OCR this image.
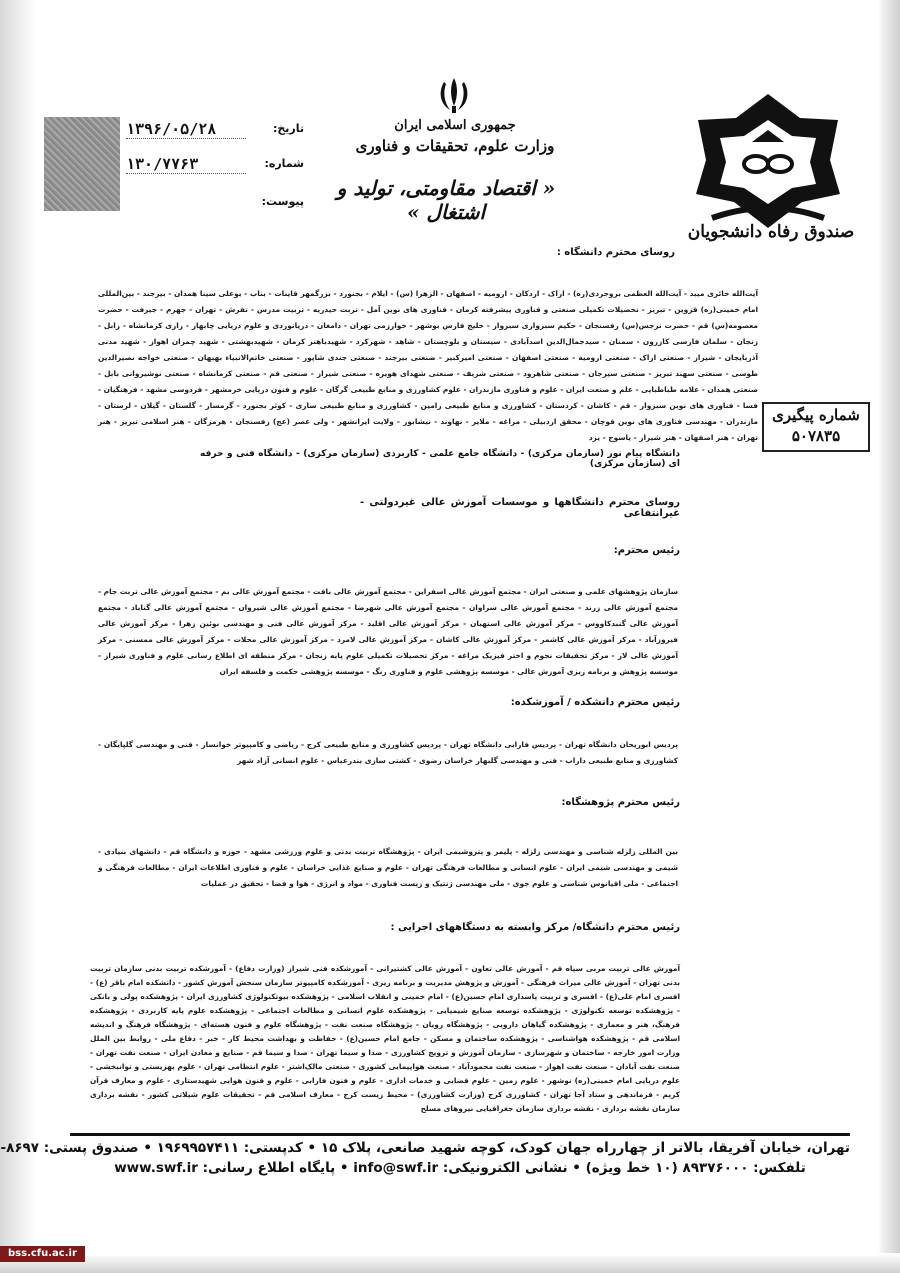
صندوق رفاه دانشجویان
جمهوری اسلامی ایران
وزارت علوم، تحقیقات و فناوری
« اقتصاد مقاومتی، تولید و اشتغال »
تاریخ:
۱۳۹۶/۰۵/۲۸
شماره:
۱۳۰/۷۷۶۳
پیوست:
شماره پیگیری
۵۰۷۸۳۵
روسای محترم دانشگاه :
آیت‌الله حائری میبد - آیت‌الله العظمی بروجردی(ره) - اراک - اردکان - ارومیه - اصفهان - الزهرا (س) - ایلام - بجنورد - بزرگمهر قاینات - بناب - بوعلی سینا همدان - بیرجند - بین‌المللی امام خمینی(ره) قزوین - تبریز - تحصیلات تکمیلی صنعتی و فناوری پیشرفته کرمان - فناوری های نوین آمل - تربت حیدریه - تربیت مدرس - تفرش - تهران - جهرم - جیرفت - حضرت معصومه(س) قم - حضرت نرجس(س) رفسنجان - حکیم سبزواری سبزوار - خلیج فارس بوشهر - خوارزمی تهران - دامغان - دریانوردی و علوم دریایی چابهار - رازی کرمانشاه - زابل - زنجان - سلمان فارسی کازرون - سمنان - سیدجمال‌الدین اسدآبادی - سیستان و بلوچستان - شاهد - شهرکرد - شهیدباهنر کرمان - شهیدبهشتی - شهید چمران اهواز - شهید مدنی آذربایجان - شیراز - صنعتی اراک - صنعتی ارومیه - صنعتی اصفهان - صنعتی امیرکبیر - صنعتی بیرجند - صنعتی جندی شاپور - صنعتی خاتم‌الانبیاء بهبهان - صنعتی خواجه نصیرالدین طوسی - صنعتی سهند تبریز - صنعتی سیرجان - صنعتی شاهرود - صنعتی شریف - صنعتی شهدای هویزه - صنعتی شیراز - صنعتی قم - صنعتی کرمانشاه - صنعتی نوشیروانی بابل - صنعتی همدان - علامه طباطبایی - علم و صنعت ایران - علوم و فناوری مازندران - علوم کشاورزی و منابع طبیعی گرگان - علوم و فنون دریایی خرمشهر - فردوسی مشهد - فرهنگیان - فسا - فناوری های نوین سبزوار - قم - کاشان - کردستان - کشاورزی و منابع طبیعی رامین - کشاورزی و منابع طبیعی ساری - کوثر بجنورد - گرمسار - گلستان - گیلان - لرستان - مازندران - مهندسی فناوری های نوین قوچان - محقق اردبیلی - مراغه - ملایر - نهاوند - نیشابور - ولایت ایرانشهر - ولی عصر (عج) رفسنجان - هرمزگان - هنر اسلامی تبریز - هنر تهران - هنر اصفهان - هنر شیراز - یاسوج - یزد
دانشگاه پیام نور (سازمان مرکزی) - دانشگاه جامع علمی - کاربردی (سازمان مرکزی) - دانشگاه فنی و حرفه ای (سازمان مرکزی)
روسای محترم دانشگاهها و موسسات آموزش عالی غیردولتی - غیرانتفاعی
رئیس محترم:
سازمان پژوهشهای علمی و صنعتی ایران - مجتمع آموزش عالی اسفراین - مجتمع آموزش عالی بافت - مجتمع آموزش عالی بم - مجتمع آموزش عالی تربت جام - مجتمع آموزش عالی زرند - مجتمع آموزش عالی سراوان - مجتمع آموزش عالی شهرضا - مجتمع آموزش عالی شیروان - مجتمع آموزش عالی گناباد - مجتمع آموزش عالی گنبدکاووس - مرکز آموزش عالی استهبان - مرکز آموزش عالی اقلید - مرکز آموزش عالی فنی و مهندسی بوئین زهرا - مرکز آموزش عالی فیروزآباد - مرکز آموزش عالی کاشمر - مرکز آموزش عالی کاشان - مرکز آموزش عالی لامرد - مرکز آموزش عالی محلات - مرکز آموزش عالی ممسنی - مرکز آموزش عالی لار - مرکز تحقیقات نجوم و اختر فیزیک مراغه - مرکز تحصیلات تکمیلی علوم پایه زنجان - مرکز منطقه ای اطلاع رسانی علوم و فناوری شیراز - موسسه پژوهش و برنامه ریزی آموزش عالی - موسسه پژوهشی علوم و فناوری رنگ - موسسه پژوهشی حکمت و فلسفه ایران
رئیس محترم دانشکده / آموزشکده:
پردیس ابوریحان دانشگاه تهران - پردیس فارابی دانشگاه تهران - پردیس کشاورزی و منابع طبیعی کرج - ریاضی و کامپیوتر خوانسار - فنی و مهندسی گلپایگان - کشاورزی و منابع طبیعی داراب - فنی و مهندسی گلبهار خراسان رضوی - کشتی سازی بندرعباس - علوم انسانی آزاد شهر
رئیس محترم پژوهشگاه:
بین المللی زلزله شناسی و مهندسی زلزله - پلیمر و پتروشیمی ایران - پژوهشگاه تربیت بدنی و علوم ورزشی مشهد - حوزه و دانشگاه قم - دانشهای بنیادی - شیمی و مهندسی شیمی ایران - علوم انسانی و مطالعات فرهنگی تهران - علوم و صنایع غذایی خراسان - علوم و فناوری اطلاعات ایران - مطالعات فرهنگی و اجتماعی - ملی اقیانوس شناسی و علوم جوی - ملی مهندسی ژنتیک و زیست فناوری - مواد و انرژی - هوا و فضا - تحقیق در عملیات
رئیس محترم دانشگاه/ مرکز وابسته به دستگاههای اجرایی :
آموزش عالی تربیت مربی سپاه قم - آموزش عالی تعاون - آموزش عالی کشتیرانی - آموزشکده فنی شیراز (وزارت دفاع) - آموزشکده تربیت بدنی سازمان تربیت بدنی تهران - آموزش عالی میراث فرهنگی - آموزش و پژوهش مدیریت و برنامه ریزی - آموزشکده کامپیوتر سازمان سنجش آموزش کشور - دانشکده امام باقر (ع) - افسری امام علی(ع) - افسری و تربیت پاسداری امام حسین(ع) - امام خمینی و انقلاب اسلامی - پژوهشکده بیوتکنولوژی کشاورزی ایران - پژوهشکده پولی و بانکی - پژوهشکده توسعه تکنولوژی - پژوهشکده توسعه صنایع شیمیایی - پژوهشکده علوم انسانی و مطالعات اجتماعی - پژوهشکده علوم پایه کاربردی - پژوهشکده فرهنگ، هنر و معماری - پژوهشکده گیاهان دارویی - پژوهشگاه رویان - پژوهشگاه صنعت نفت - پژوهشگاه علوم و فنون هسته‌ای - پژوهشگاه فرهنگ و اندیشه اسلامی قم - پژوهشکده هواشناسی - پژوهشکده ساختمان و مسکن - جامع امام حسین(ع) - حفاظت و بهداشت محیط کار - خبر - دفاع ملی - روابط بین الملل وزارت امور خارجه - ساختمان و شهرسازی - سازمان آموزش و ترویج کشاورزی - صدا و سیما تهران - صدا و سیما قم - صنایع و معادن ایران - صنعت نفت تهران - صنعت نفت آبادان - صنعت نفت اهواز - صنعت نفت محمودآباد - صنعت هواپیمایی کشوری - صنعتی مالک‌اشتر - علوم انتظامی تهران - علوم بهزیستی و توانبخشی - علوم دریایی امام خمینی(ره) نوشهر - علوم زمین - علوم قضایی و خدمات اداری - علوم و فنون فارابی - علوم و فنون هوایی شهیدستاری - علوم و معارف قرآن کریم - فرماندهی و ستاد آجا تهران - کشاورزی کرج (وزارت کشاورزی) - محیط زیست کرج - معارف اسلامی قم - تحقیقات علوم شیلاتی کشور - نقشه برداری سازمان نقشه برداری - نقشه برداری سازمان جغرافیایی نیروهای مسلح
تهران، خیابان آفریقا، بالاتر از چهارراه جهان کودک، کوچه شهید صانعی، پلاک ۱۵ • کدپستی: ۱۹۶۹۹۵۷۴۱۱ • صندوق پستی: ۸۶۹۷-
تلفکس: ۸۹۳۷۶۰۰۰ (۱۰ خط ویژه) • نشانی الکترونیکی: info@swf.ir • پایگاه اطلاع رسانی: www.swf.ir
bss.cfu.ac.ir
